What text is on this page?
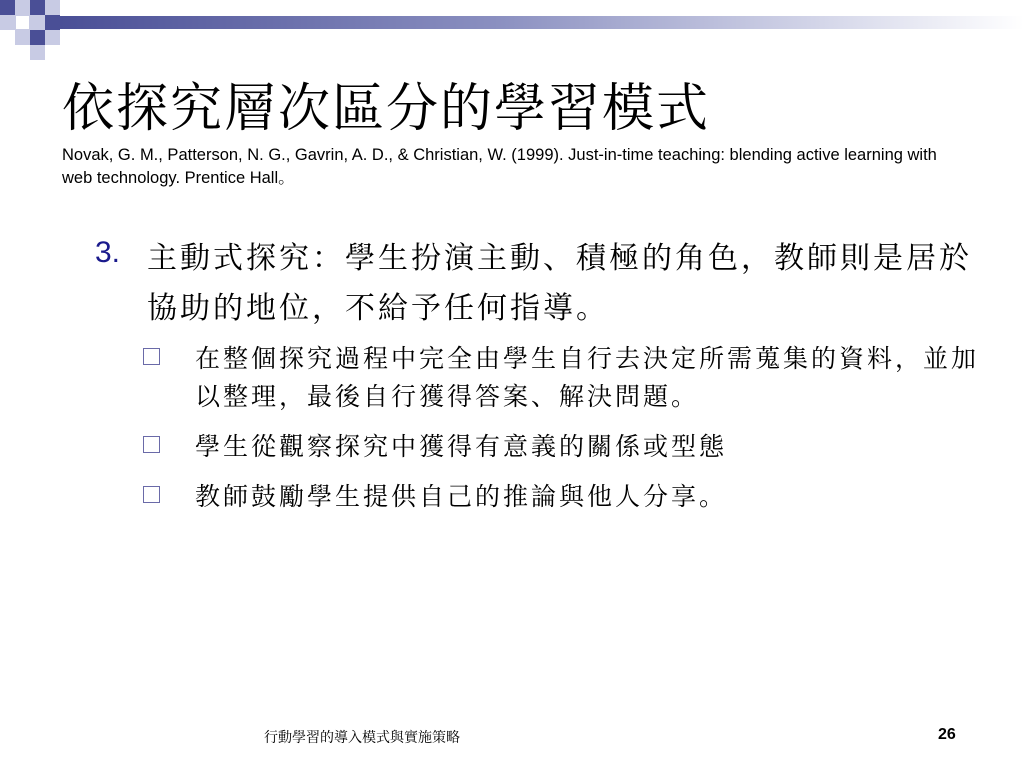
依探究層次區分的學習模式
Novak, G. M., Patterson, N. G., Gavrin, A. D., & Christian, W. (1999). Just-in-time teaching: blending active learning with web technology. Prentice Hall。
3. 主動式探究：學生扮演主動、積極的角色，教師則是居於協助的地位，不給予任何指導。
在整個探究過程中完全由學生自行去決定所需蒐集的資料，並加以整理，最後自行獲得答案、解決問題。
學生從觀察探究中獲得有意義的關係或型態
教師鼓勵學生提供自己的推論與他人分享。
行動學習的導入模式與實施策略	26
